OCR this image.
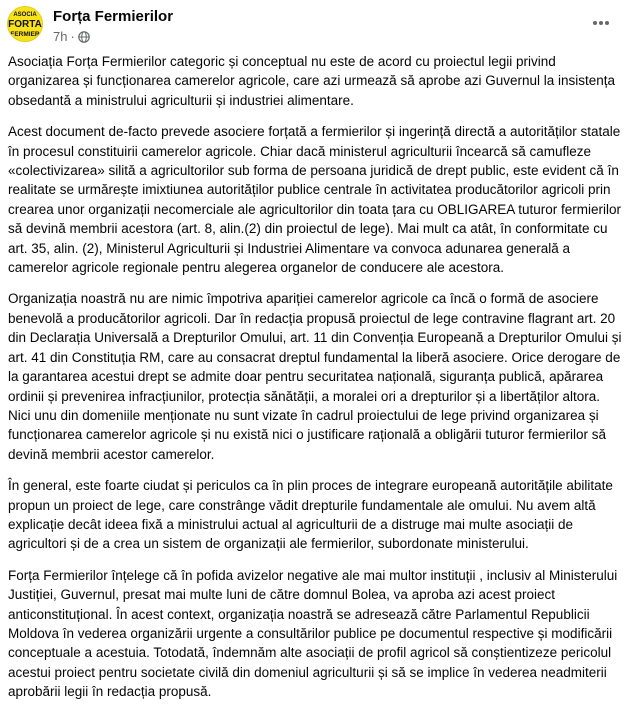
ASOCIA
FORTA
FERMIER
Forța Fermierilor
7h ·

Asociația Forța Fermierilor categoric și conceptual nu este de acord cu proiectul legii privind organizarea și funcționarea camerelor agricole, care azi urmează să aprobe azi Guvernul la insistența obsedantă a ministrului agriculturii și industriei alimentare.

Acest document de-facto prevede asociere forțată a fermierilor și ingerință directă a autorităților statale în procesul constituirii camerelor agricole. Chiar dacă ministerul agriculturii încearcă să camufleze «colectivizarea» silită a agricultorilor sub forma de persoana juridică de drept public, este evident că în realitate se urmărește imixtiunea autorităților publice centrale în activitatea producătorilor agricoli prin crearea unor organizații necomerciale ale agricultorilor din toata țara cu OBLIGAREA tuturor fermierilor să devină membrii acestora (art. 8, alin.(2) din proiectul de lege). Mai mult ca atât, în conformitate cu art. 35, alin. (2), Ministerul Agriculturii și Industriei Alimentare va convoca adunarea generală a camerelor agricole regionale pentru alegerea organelor de conducere ale acestora.

Organizația noastră nu are nimic împotriva apariției camerelor agricole ca încă o formă de asociere benevolă a producătorilor agricoli. Dar în redacția propusă proiectul de lege contravine flagrant art. 20 din Declarația Universală a Drepturilor Omului, art. 11 din Convenția Europeană a Drepturilor Omului și art. 41 din Constituția RM, care au consacrat dreptul fundamental la liberă asociere. Orice derogare de la garantarea acestui drept se admite doar pentru securitatea națională, siguranța publică, apărarea ordinii și prevenirea infracțiunilor, protecția sănătății, a moralei ori a drepturilor și a libertăților altora. Nici unu din domeniile menționate nu sunt vizate în cadrul proiectului de lege privind organizarea și funcționarea camerelor agricole și nu există nici o justificare rațională a obligării tuturor fermierilor să devină membrii acestor camerelor.

În general, este foarte ciudat și periculos ca în plin proces de integrare europeană autoritățile abilitate propun un proiect de lege, care constrânge vădit drepturile fundamentale ale omului. Nu avem altă explicație decât ideea fixă a ministrului actual al agriculturii de a distruge mai multe asociații de agricultori și de a crea un sistem de organizații ale fermierilor, subordonate ministerului.

Forța Fermierilor înțelege că în pofida avizelor negative ale mai multor instituții , inclusiv al Ministerului Justiției, Guvernul, presat mai multe luni de către domnul Bolea, va aproba azi acest proiect anticonstituțional. În acest context, organizația noastră se adresează către Parlamentul Republicii Moldova în vederea organizării urgente a consultărilor publice pe documentul respective și modificării conceptuale a acestuia. Totodată, îndemnăm alte asociații de profil agricol să conștientizeze pericolul acestui proiect pentru societate civilă din domeniul agriculturii și să se implice în vederea neadmiterii aprobării legii în redacția propusă.
